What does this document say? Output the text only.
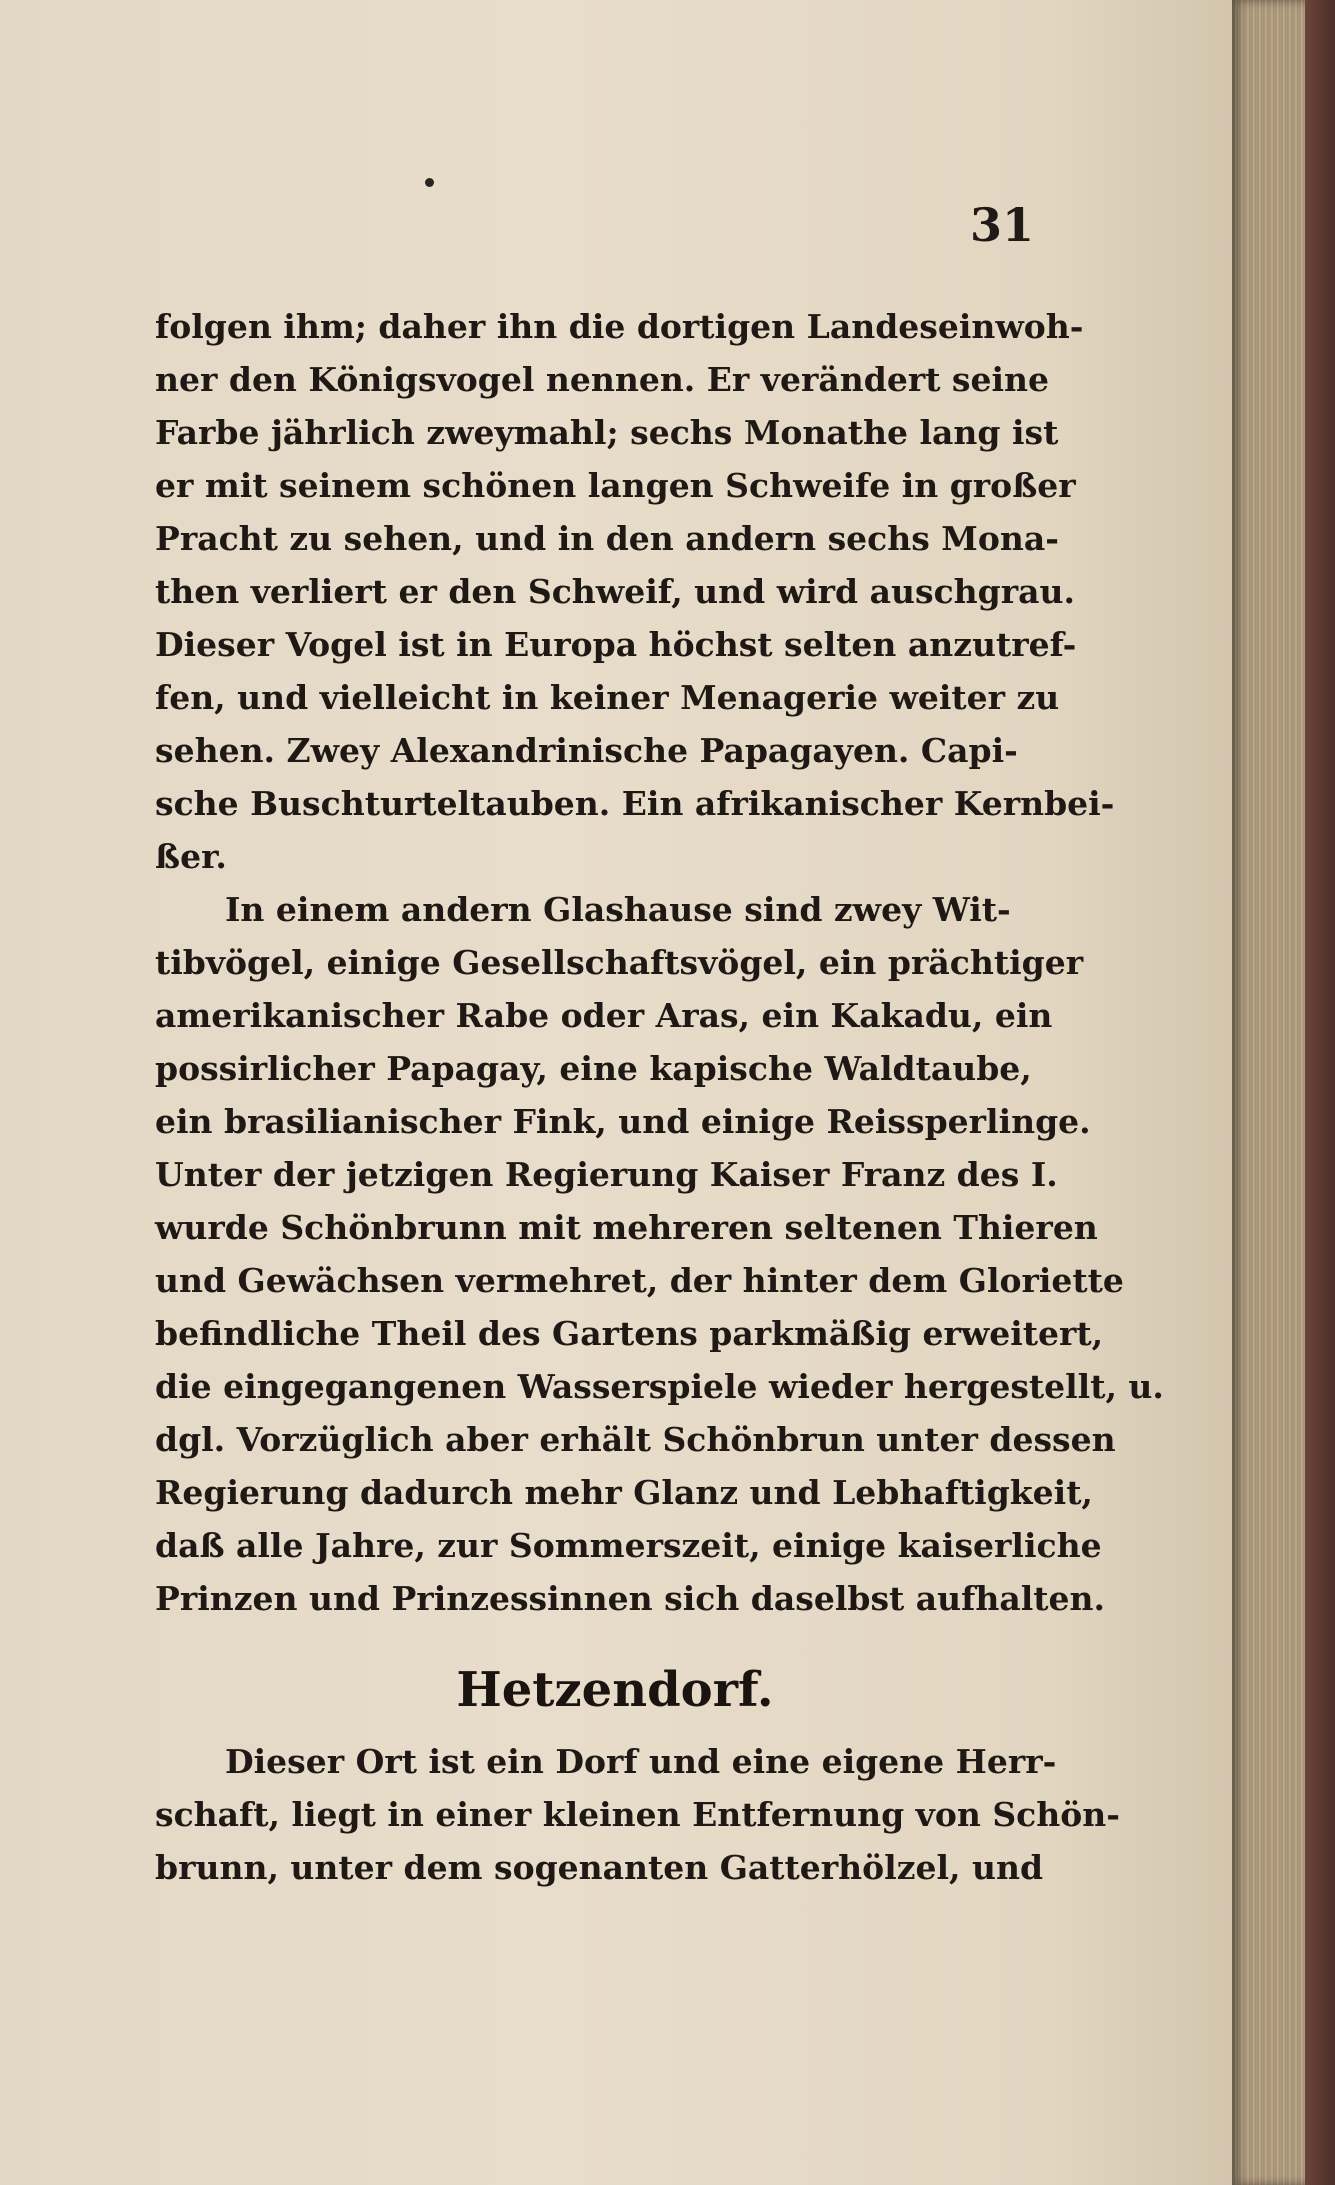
31
folgen ihm; daher ihn die dortigen Landeseinwoh-
ner den Königsvogel nennen. Er verändert seine
Farbe jährlich zweymahl; sechs Monathe lang ist
er mit seinem schönen langen Schweife in großer
Pracht zu sehen, und in den andern sechs Mona-
then verliert er den Schweif, und wird auschgrau.
Dieser Vogel ist in Europa höchst selten anzutref-
fen, und vielleicht in keiner Menagerie weiter zu
sehen. Zwey Alexandrinische Papagayen. Capi-
sche Buschturteltauben. Ein afrikanischer Kernbei-
ßer.
In einem andern Glashause sind zwey Wit-
tibvögel, einige Gesellschaftsvögel, ein prächtiger
amerikanischer Rabe oder Aras, ein Kakadu, ein
possirlicher Papagay, eine kapische Waldtaube,
ein brasilianischer Fink, und einige Reissperlinge.
Unter der jetzigen Regierung Kaiser Franz des I.
wurde Schönbrunn mit mehreren seltenen Thieren
und Gewächsen vermehret, der hinter dem Gloriette
befindliche Theil des Gartens parkmäßig erweitert,
die eingegangenen Wasserspiele wieder hergestellt, u.
dgl. Vorzüglich aber erhält Schönbrun unter dessen
Regierung dadurch mehr Glanz und Lebhaftigkeit,
daß alle Jahre, zur Sommerszeit, einige kaiserliche
Prinzen und Prinzessinnen sich daselbst aufhalten.
Hetzendorf.
Dieser Ort ist ein Dorf und eine eigene Herr-
schaft, liegt in einer kleinen Entfernung von Schön-
brunn, unter dem sogenanten Gatterhölzel, und
